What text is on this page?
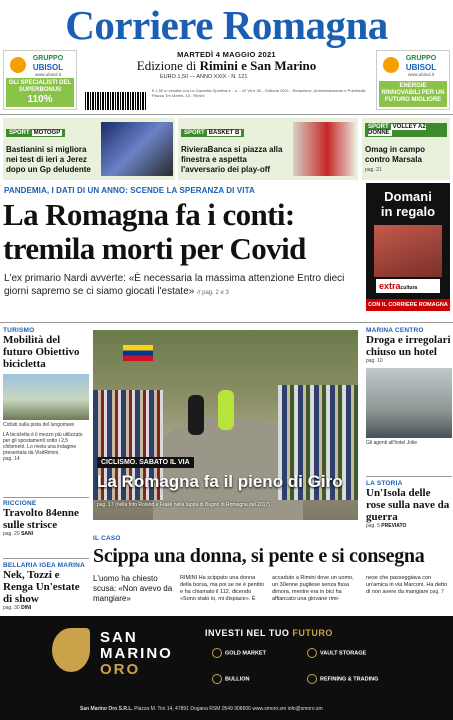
Corriere Romagna
GRUPPO
UBISOL
www.ubisol.it
GLI SPECIALISTI DEL SUPERBONUS
110%
GRUPPO
UBISOL
www.ubisol.it
ENERGIE RINNOVABILI PER UN FUTURO MIGLIORE
MARTEDÌ 4 MAGGIO 2021
Edizione di Rimini e San Marino
EURO 1,50 — ANNO XXIX - N. 121
€ 1,50 in vendita con La Gazzetta Sportiva e ...c. - 42 Vlt e 35 ...Editoria 2001 - Redazione, Amministrazione e Pubblicità: Piazza Tre Martiri, 43 - Rimini
SPORT MOTOGP
Bastianini si migliora nei test di ieri a Jerez dopo un Gp deludente
SPORT BASKET B
RivieraBanca si piazza alla finestra e aspetta l'avversario dei play-off
SPORT VOLLEY A2 DONNE
Omag in campo contro Marsala
pag. 21
PANDEMIA, I DATI DI UN ANNO: SCENDE LA SPERANZA DI VITA
La Romagna fa i conti:
tremila morti per Covid
L'ex primario Nardi avverte: «È necessaria la massima attenzione Entro dieci giorni sapremo se ci siamo giocati l'estate» // pag. 2 e 3
Domani
in regalo
extracultura
CON IL CORRIERE ROMAGNA
TURISMO
Mobilità del futuro Obiettivo bicicletta
Ciclisti sulla pista del lungomare
LA bicicletta è il mezzo più utilizzato per gli spostamenti sotto i 2,5 chilometri. Lo rivela una indagine presentata da VisitRimini.
pag. 14
RICCIONE
Travolto 84enne sulle strisce
pag. 20 SANI
BELLARIA IGEA MARINA
Nek, Tozzi e Renga Un'estate di show
pag. 30 DINI
CICLISMO. SABATO IL VIA
La Romagna fa il pieno di Giro
pag. 17 (nella foto Roland e Frailé nella tappa di Bagno di Romagna del 2017)
MARINA CENTRO
Droga e irregolari chiuso un hotel
pag. 10
Gli agenti all'hotel Jolie
LA STORIA
Un'Isola delle rose sulla nave da guerra
pag. 5 PREVIATO
IL CASO
Scippa una donna, si pente e si consegna
L'uomo ha chiesto scusa: «Non avevo da mangiare»
RIMINI Ha scippato una donna della borsa, ma poi se ne è pentito e ha chiamato il 112, dicendo «Sono stato io, mi dispiace». È
accaduto a Rimini dove un uomo, un 30enne pugliese senza fissa dimora, mentre era in bici ha affiancato una giovane rimi-
nese che passeggiava con un'amica in via Marconi. Ha detto di non avere da mangiare pag. 7
SAN
MARINO
ORO
INVESTI NEL TUO FUTURO
GOLD MARKET	VAULT STORAGE
BULLION	REFINING & TRADING
San Marino Oro S.R.L. Piazza M. Tini 14, 47891 Dogana RSM 0549 908606 www.smoro.sm info@smoro.sm
